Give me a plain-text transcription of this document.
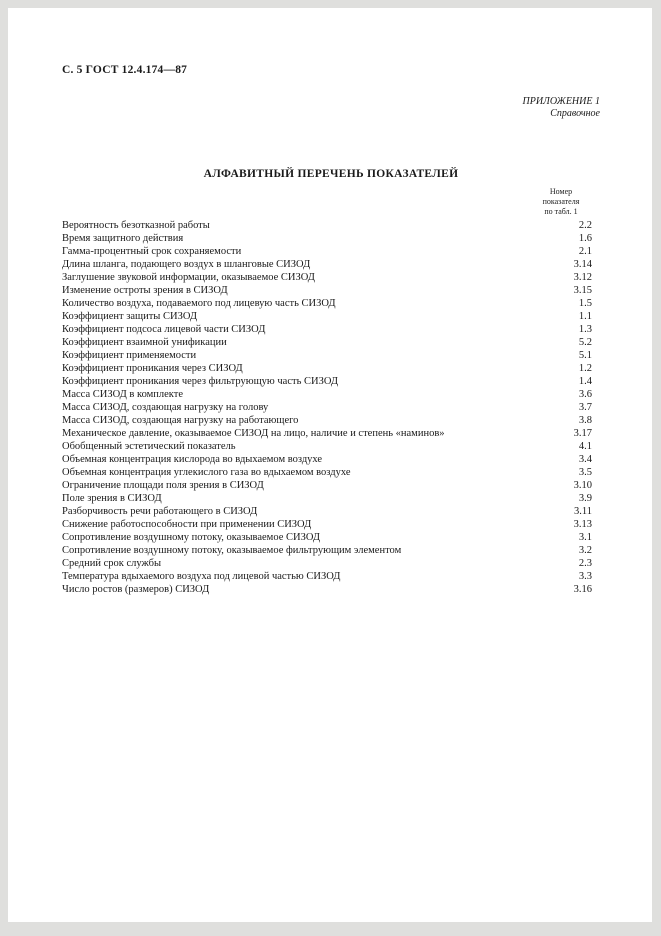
С. 5 ГОСТ 12.4.174—87
ПРИЛОЖЕНИЕ 1
Справочное
АЛФАВИТНЫЙ ПЕРЕЧЕНЬ ПОКАЗАТЕЛЕЙ
Номер
показателя
по табл. 1
Вероятность безотказной работы	2.2
Время защитного действия	1.6
Гамма-процентный срок сохраняемости	2.1
Длина шланга, подающего воздух в шланговые СИЗОД	3.14
Заглушение звуковой информации, оказываемое СИЗОД	3.12
Изменение остроты зрения в СИЗОД	3.15
Количество воздуха, подаваемого под лицевую часть СИЗОД	1.5
Коэффициент защиты СИЗОД	1.1
Коэффициент подсоса лицевой части СИЗОД	1.3
Коэффициент взаимной унификации	5.2
Коэффициент применяемости	5.1
Коэффициент проникания через СИЗОД	1.2
Коэффициент проникания через фильтрующую часть СИЗОД	1.4
Масса СИЗОД в комплекте	3.6
Масса СИЗОД, создающая нагрузку на голову	3.7
Масса СИЗОД, создающая нагрузку на работающего	3.8
Механическое давление, оказываемое СИЗОД на лицо, наличие и степень «наминов»	3.17
Обобщенный эстетический показатель	4.1
Объемная концентрация кислорода во вдыхаемом воздухе	3.4
Объемная концентрация углекислого газа во вдыхаемом воздухе	3.5
Ограничение площади поля зрения в СИЗОД	3.10
Поле зрения в СИЗОД	3.9
Разборчивость речи работающего в СИЗОД	3.11
Снижение работоспособности при применении СИЗОД	3.13
Сопротивление воздушному потоку, оказываемое СИЗОД	3.1
Сопротивление воздушному потоку, оказываемое фильтрующим элементом	3.2
Средний срок службы	2.3
Температура вдыхаемого воздуха под лицевой частью СИЗОД	3.3
Число ростов (размеров) СИЗОД	3.16
